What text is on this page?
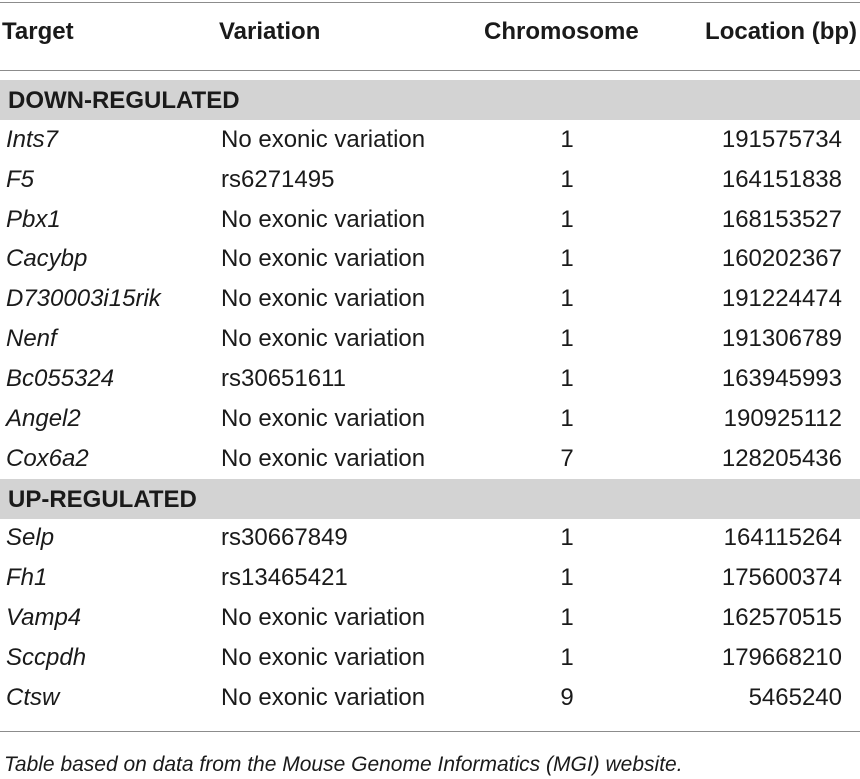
Target	Variation	Chromosome	Location (bp)
DOWN-REGULATED
Ints7	No exonic variation	1	191575734
F5	rs6271495	1	164151838
Pbx1	No exonic variation	1	168153527
Cacybp	No exonic variation	1	160202367
D730003i15rik	No exonic variation	1	191224474
Nenf	No exonic variation	1	191306789
Bc055324	rs30651611	1	163945993
Angel2	No exonic variation	1	190925112
Cox6a2	No exonic variation	7	128205436
UP-REGULATED
Selp	rs30667849	1	164115264
Fh1	rs13465421	1	175600374
Vamp4	No exonic variation	1	162570515
Sccpdh	No exonic variation	1	179668210
Ctsw	No exonic variation	9	5465240
Table based on data from the Mouse Genome Informatics (MGI) website.
